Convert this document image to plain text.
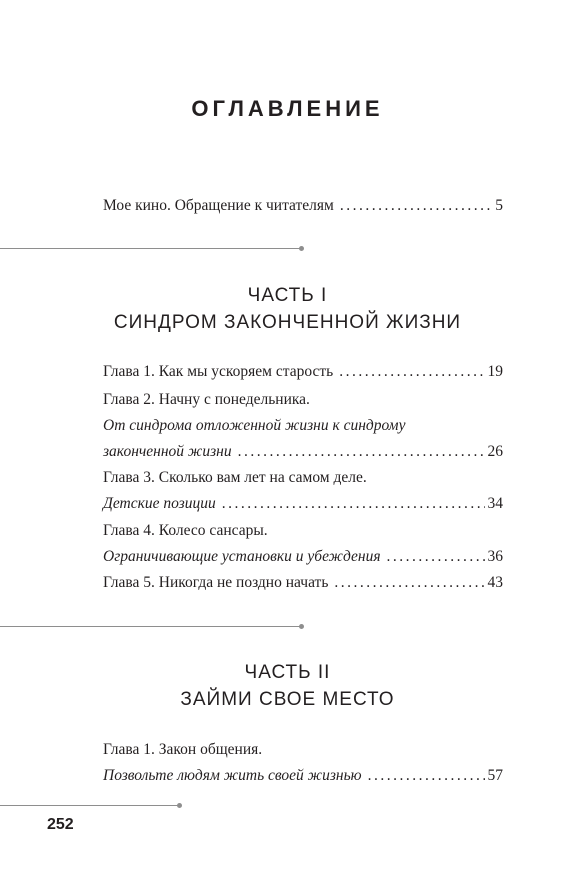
ОГЛАВЛЕНИЕ
Мое кино. Обращение к читателям .....	5
ЧАСТЬ I
СИНДРОМ ЗАКОНЧЕННОЙ ЖИЗНИ
Глава 1. Как мы ускоряем старость .....	19
Глава 2. Начну с понедельника.
От синдрома отложенной жизни к синдрому
законченной жизни .....	26
Глава 3. Сколько вам лет на самом деле.
Детские позиции .....	34
Глава 4. Колесо сансары.
Ограничивающие установки и убеждения .....	36
Глава 5. Никогда не поздно начать .....	43
ЧАСТЬ II
ЗАЙМИ СВОЕ МЕСТО
Глава 1. Закон общения.
Позвольте людям жить своей жизнью .....	57
252
